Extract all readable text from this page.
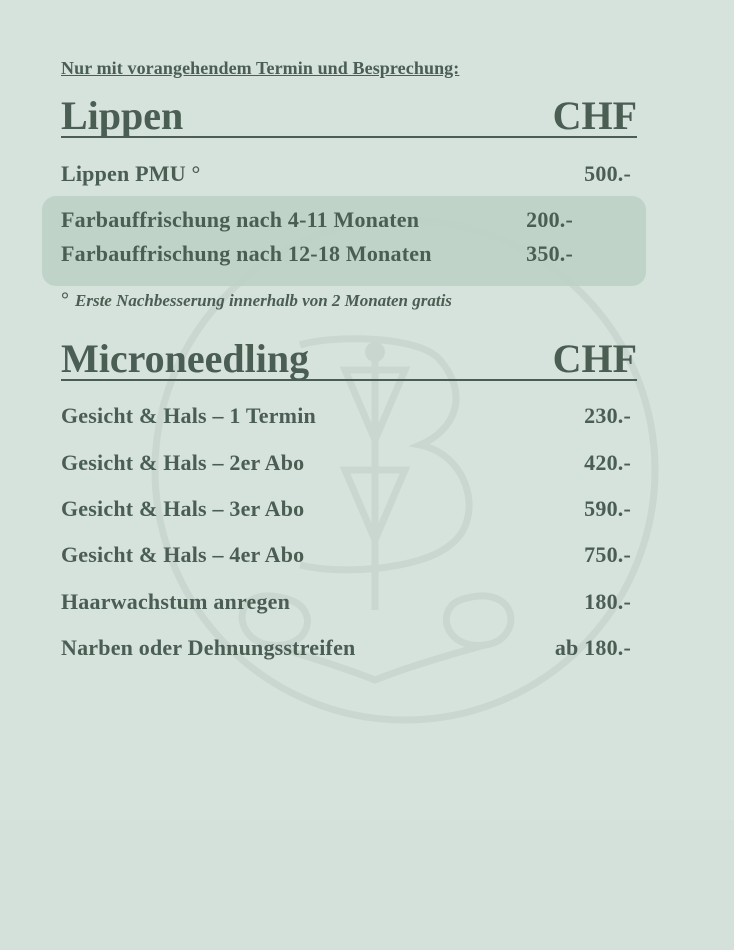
Nur mit vorangehendem Termin und Besprechung:
Lippen	CHF
Lippen PMU °	500.-
Farbauffrischung nach 4-11 Monaten	200.-
Farbauffrischung nach 12-18 Monaten	350.-
° Erste Nachbesserung innerhalb von 2 Monaten gratis
Microneedling	CHF
Gesicht & Hals – 1 Termin	230.-
Gesicht & Hals – 2er Abo	420.-
Gesicht & Hals – 3er Abo	590.-
Gesicht & Hals – 4er Abo	750.-
Haarwachstum anregen	180.-
Narben oder Dehnungsstreifen	ab 180.-
